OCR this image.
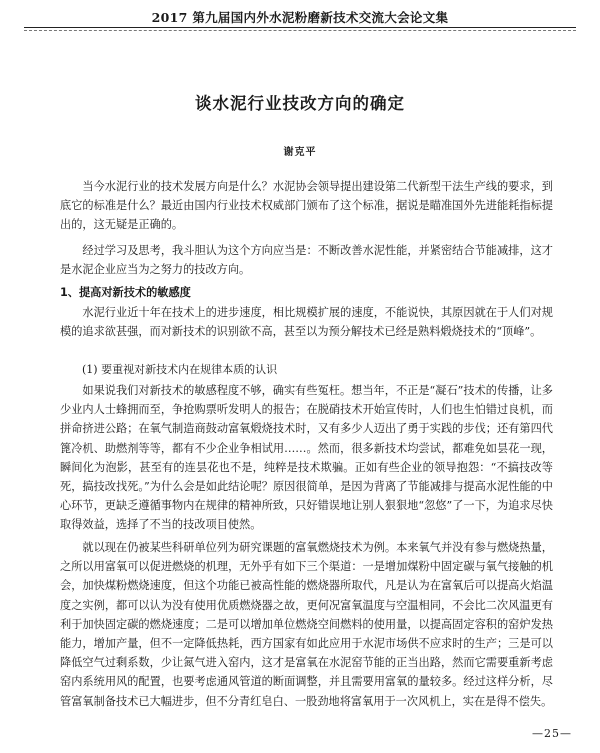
2017 第九届国内外水泥粉磨新技术交流大会论文集
谈水泥行业技改方向的确定
谢克平

当今水泥行业的技术发展方向是什么？水泥协会领导提出建设第二代新型干法生产线的要求，到底它的标准是什么？最近由国内行业技术权威部门颁布了这个标准，据说是瞄准国外先进能耗指标提出的，这无疑是正确的。

经过学习及思考，我斗胆认为这个方向应当是：不断改善水泥性能，并紧密结合节能减排，这才是水泥企业应当为之努力的技改方向。

1、提高对新技术的敏感度

水泥行业近十年在技术上的进步速度，相比规模扩展的速度，不能说快，其原因就在于人们对规模的追求欲甚强，而对新技术的识别欲不高，甚至以为预分解技术已经是熟料煅烧技术的“顶峰”。

(1) 要重视对新技术内在规律本质的认识

如果说我们对新技术的敏感程度不够，确实有些冤枉。想当年，不正是“凝石”技术的传播，让多少业内人士蜂拥而至，争抢购票听发明人的报告；在脱硝技术开始宣传时，人们也生怕错过良机，而拼命挤进公路；在氧气制造商鼓动富氧煅烧技术时，又有多少人迈出了勇于实践的步伐；还有第四代篦冷机、助燃剂等等，都有不少企业争相试用……。然而，很多新技术均尝试，都难免如昙花一现，瞬间化为泡影，甚至有的连昙花也不是，纯粹是技术欺骗。正如有些企业的领导抱怨：“不搞技改等死，搞技改找死。”为什么会是如此结论呢？原因很简单，是因为背离了节能减排与提高水泥性能的中心环节，更缺乏遵循事物内在规律的精神所致，只好错误地让别人狠狠地“忽悠”了一下，为追求尽快取得效益，选择了不当的技改项目使然。

就以现在仍被某些科研单位列为研究课题的富氧燃烧技术为例。本来氧气并没有参与燃烧热量，之所以用富氧可以促进燃烧的机理，无外乎有如下三个渠道：一是增加煤粉中固定碳与氧气接触的机会，加快煤粉燃烧速度，但这个功能已被高性能的燃烧器所取代，凡是认为在富氧后可以提高火焰温度之实例，都可以认为没有使用优质燃烧器之故，更何况富氧温度与空温相同，不会比二次风温更有利于加快固定碳的燃烧速度；二是可以增加单位燃烧空间燃料的使用量，以提高固定容积的窑炉发热能力，增加产量，但不一定降低热耗，西方国家有如此应用于水泥市场供不应求时的生产；三是可以降低空气过剩系数，少让氮气进入窑内，这才是富氧在水泥窑节能的正当出路，然而它需要重新考虑窑内系统用风的配置，也要考虑通风管道的断面调整，并且需要用富氧的量较多。经过这样分析，尽管富氧制备技术已大幅进步，但不分青红皂白、一股劲地将富氧用于一次风机上，实在是得不偿失。

—25—
